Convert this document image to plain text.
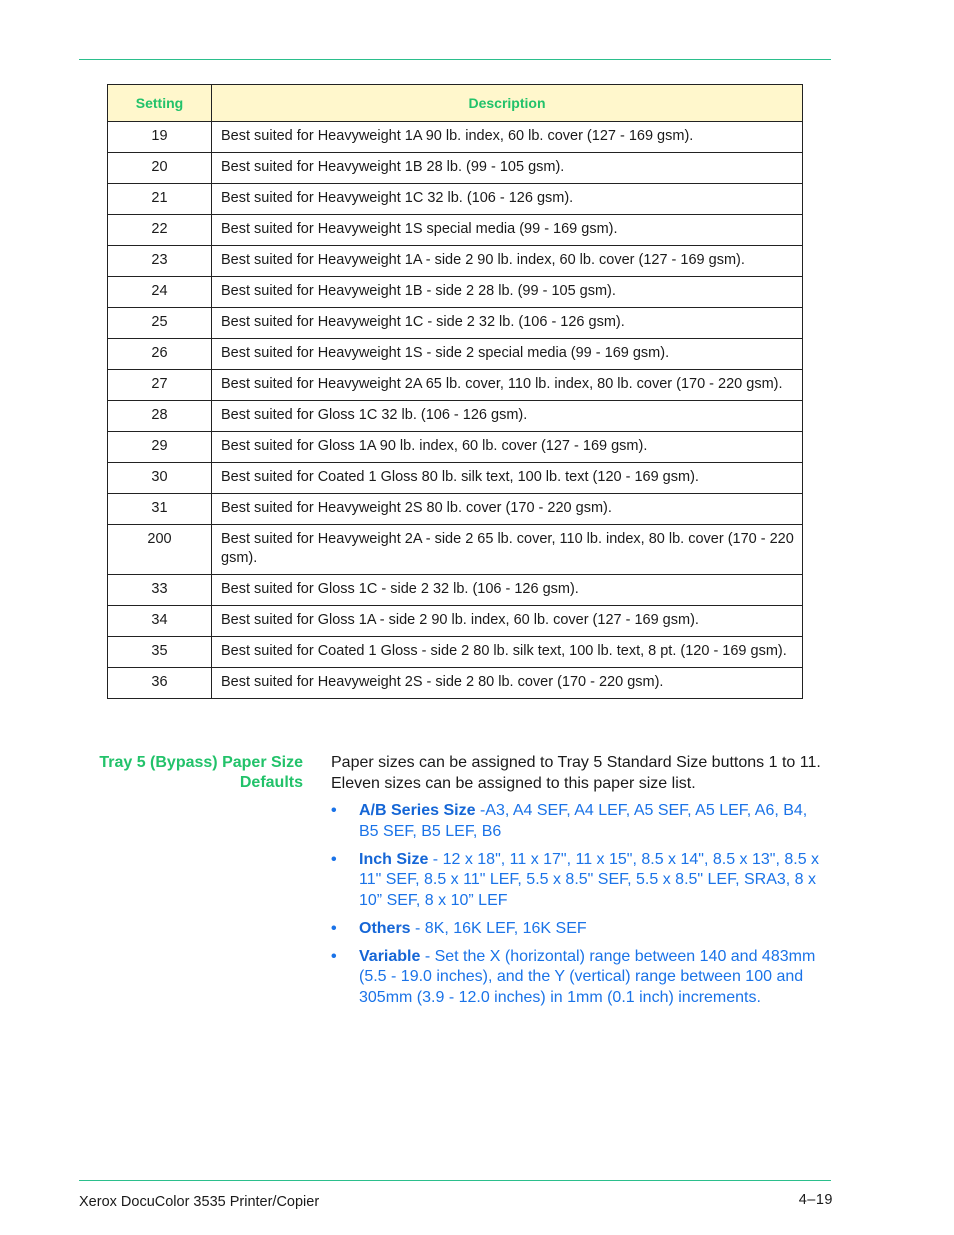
Setting	Description
19	Best suited for Heavyweight 1A 90 lb. index, 60 lb. cover (127 - 169 gsm).
20	Best suited for Heavyweight 1B 28 lb. (99 - 105 gsm).
21	Best suited for Heavyweight 1C 32 lb. (106 - 126 gsm).
22	Best suited for Heavyweight 1S special media (99 - 169 gsm).
23	Best suited for Heavyweight 1A - side 2 90 lb. index, 60 lb. cover (127 - 169 gsm).
24	Best suited for Heavyweight 1B - side 2 28 lb. (99 - 105 gsm).
25	Best suited for Heavyweight 1C - side 2 32 lb. (106 - 126 gsm).
26	Best suited for Heavyweight 1S - side 2 special media (99 - 169 gsm).
27	Best suited for Heavyweight 2A 65 lb. cover, 110 lb. index, 80 lb. cover (170 - 220 gsm).
28	Best suited for Gloss 1C 32 lb. (106 - 126 gsm).
29	Best suited for Gloss 1A 90 lb. index, 60 lb. cover (127 - 169 gsm).
30	Best suited for Coated 1 Gloss 80 lb. silk text, 100 lb. text (120 - 169 gsm).
31	Best suited for Heavyweight 2S 80 lb. cover (170 - 220 gsm).
200	Best suited for Heavyweight 2A - side 2 65 lb. cover, 110 lb. index, 80 lb. cover (170 - 220 gsm).
33	Best suited for Gloss 1C - side 2 32 lb. (106 - 126 gsm).
34	Best suited for Gloss 1A - side 2 90 lb. index, 60 lb. cover (127 - 169 gsm).
35	Best suited for Coated 1 Gloss - side 2 80 lb. silk text, 100 lb. text, 8 pt. (120 - 169 gsm).
36	Best suited for Heavyweight 2S - side 2 80 lb. cover (170 - 220 gsm).
Tray 5 (Bypass) Paper Size Defaults
Paper sizes can be assigned to Tray 5 Standard Size buttons 1 to 11. Eleven sizes can be assigned to this paper size list.
• A/B Series Size -A3, A4 SEF, A4 LEF, A5 SEF, A5 LEF, A6, B4, B5 SEF, B5 LEF, B6
• Inch Size - 12 x 18", 11 x 17", 11 x 15", 8.5 x 14", 8.5 x 13", 8.5 x 11" SEF, 8.5 x 11" LEF, 5.5 x 8.5" SEF, 5.5 x 8.5" LEF, SRA3, 8 x 10” SEF, 8 x 10” LEF
• Others - 8K, 16K LEF, 16K SEF
• Variable - Set the X (horizontal) range between 140 and 483mm (5.5 - 19.0 inches), and the Y (vertical) range between 100 and 305mm (3.9 - 12.0 inches) in 1mm (0.1 inch) increments.
Xerox DocuColor 3535 Printer/Copier	4–19
